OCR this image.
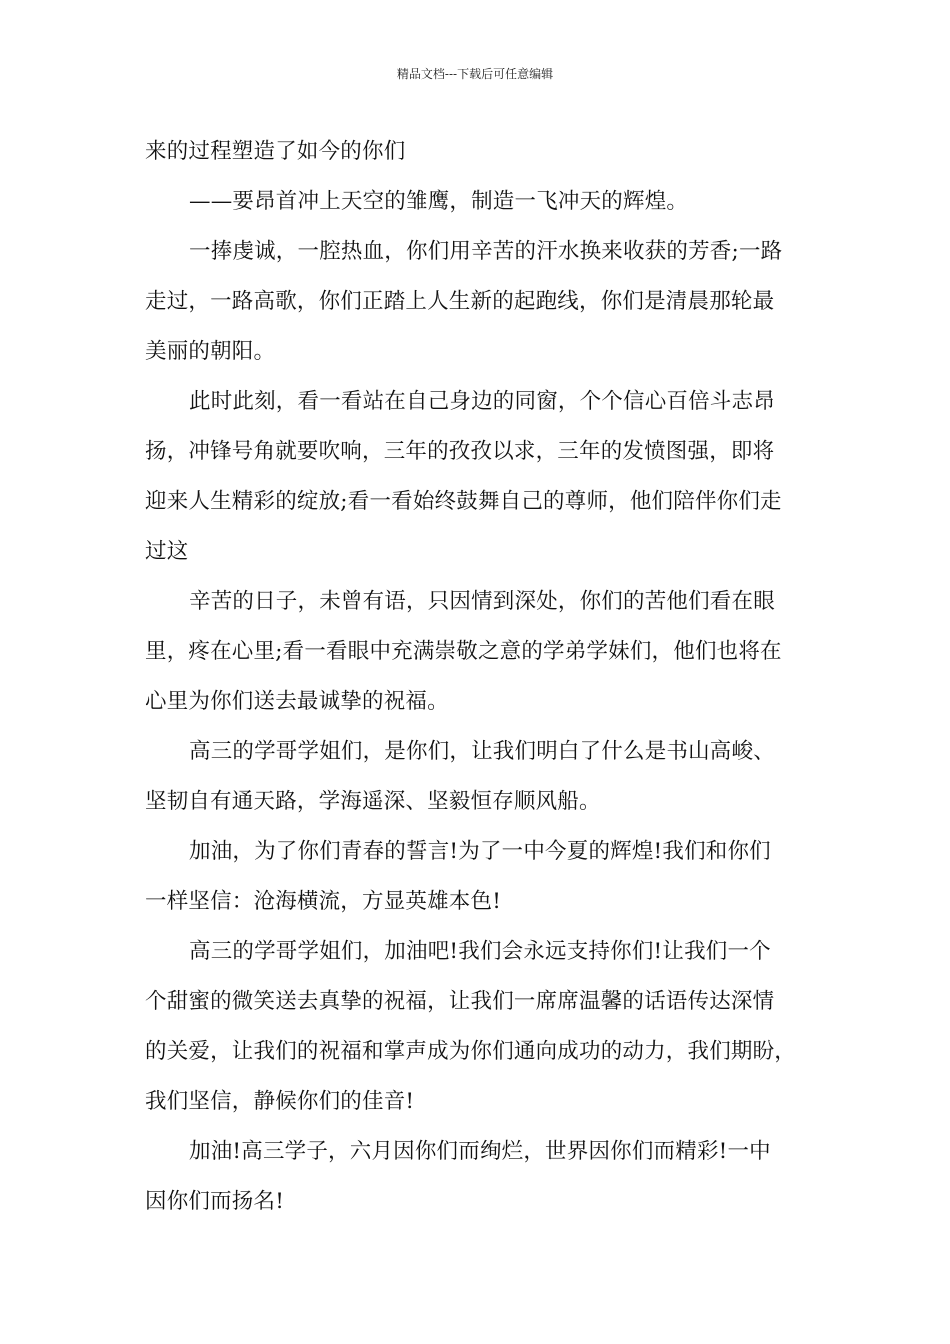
精品文档---下载后可任意编辑
来的过程塑造了如今的你们
——要昂首冲上天空的雏鹰，制造一飞冲天的辉煌。
一捧虔诚，一腔热血，你们用辛苦的汗水换来收获的芳香;一路
走过，一路高歌，你们正踏上人生新的起跑线，你们是清晨那轮最
美丽的朝阳。
此时此刻，看一看站在自己身边的同窗，个个信心百倍斗志昂
扬，冲锋号角就要吹响，三年的孜孜以求，三年的发愤图强，即将
迎来人生精彩的绽放;看一看始终鼓舞自己的尊师，他们陪伴你们走
过这
辛苦的日子，未曾有语，只因情到深处，你们的苦他们看在眼
里，疼在心里;看一看眼中充满崇敬之意的学弟学妹们，他们也将在
心里为你们送去最诚挚的祝福。
高三的学哥学姐们，是你们，让我们明白了什么是书山高峻、
坚韧自有通天路，学海遥深、坚毅恒存顺风船。
加油，为了你们青春的誓言!为了一中今夏的辉煌!我们和你们
一样坚信：沧海横流，方显英雄本色!
高三的学哥学姐们，加油吧!我们会永远支持你们!让我们一个
个甜蜜的微笑送去真挚的祝福，让我们一席席温馨的话语传达深情
的关爱，让我们的祝福和掌声成为你们通向成功的动力，我们期盼，
我们坚信，静候你们的佳音!
加油!高三学子，六月因你们而绚烂，世界因你们而精彩!一中
因你们而扬名!
